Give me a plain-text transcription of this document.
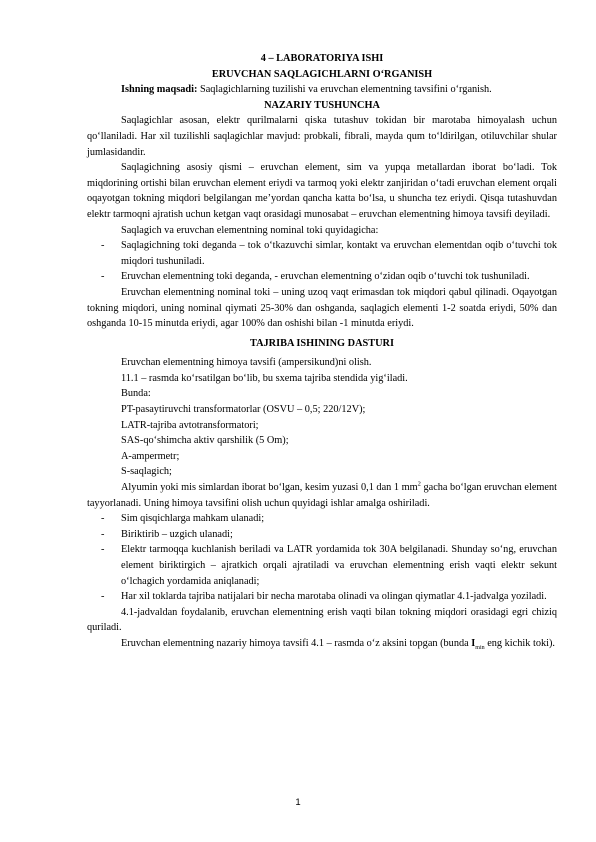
4 – LABORATORIYA ISHI
ERUVCHAN SAQLAGICHLARNI O‘RGANISH

Ishning maqsadi: Saqlagichlarning tuzilishi va eruvchan elementning tavsifini o‘rganish.

NAZARIY TUSHUNCHA

Saqlagichlar asosan, elektr qurilmalarni qiska tutashuv tokidan bir marotaba himoyalash uchun qo‘llaniladi. Har xil tuzilishli saqlagichlar mavjud: probkali, fibrali, mayda qum to‘ldirilgan, otiluvchilar shular jumlasidandir.

Saqlagichning asosiy qismi – eruvchan element, sim va yupqa metallardan iborat bo‘ladi. Tok miqdorining ortishi bilan eruvchan element eriydi va tarmoq yoki elektr zanjiridan o‘tadi eruvchan element orqali oqayotgan tokning miqdori belgilangan me’yordan qancha katta bo‘lsa, u shuncha tez eriydi. Qisqa tutashuvdan elektr tarmoqni ajratish uchun ketgan vaqt orasidagi munosabat – eruvchan elementning himoya tavsifi deyiladi.

Saqlagich va eruvchan elementning nominal toki quyidagicha:

- Saqlagichning toki deganda – tok o‘tkazuvchi simlar, kontakt va eruvchan elementdan oqib o‘tuvchi tok miqdori tushuniladi.
- Eruvchan elementning toki deganda, - eruvchan elementning o‘zidan oqib o‘tuvchi tok tushuniladi.

Eruvchan elementning nominal toki – uning uzoq vaqt erimasdan tok miqdori qabul qilinadi. Oqayotgan tokning miqdori, uning nominal qiymati 25-30% dan oshganda, saqlagich elementi 1-2 soatda eriydi, 50% dan oshganda 10-15 minutda eriydi, agar 100% dan oshishi bilan -1 minutda eriydi.

TAJRIBA ISHINING DASTURI

Eruvchan elementning himoya tavsifi (ampersikund)ni olish.

11.1 – rasmda ko‘rsatilgan bo‘lib, bu sxema tajriba stendida yig‘iladi.

Bunda:

PT-pasaytiruvchi transformatorlar (OSVU – 0,5; 220/12V);

LATR-tajriba avtotransformatori;

SAS-qo‘shimcha aktiv qarshilik (5 Om);

A-ampermetr;

S-saqlagich;

Alyumin yoki mis simlardan iborat bo‘lgan, kesim yuzasi 0,1 dan 1 $mm^2$ gacha bo‘lgan eruvchan element tayyorlanadi. Uning himoya tavsifini olish uchun quyidagi ishlar amalga oshiriladi.

- Sim qisqichlarga mahkam ulanadi;
- Biriktirib – uzgich ulanadi;
- Elektr tarmoqqa kuchlanish beriladi va LATR yordamida tok 30A belgilanadi. Shunday so‘ng, eruvchan element biriktirgich – ajratkich orqali ajratiladi va eruvchan elementning erish vaqti elektr sekunt o‘lchagich yordamida aniqlanadi;
- Har xil toklarda tajriba natijalari bir necha marotaba olinadi va olingan qiymatlar 4.1-jadvalga yoziladi.

4.1-jadvaldan foydalanib, eruvchan elementning erish vaqti bilan tokning miqdori orasidagi egri chiziq quriladi.

Eruvchan elementning nazariy himoya tavsifi 4.1 – rasmda o‘z aksini topgan (bunda $I_{min}$ eng kichik toki).

1
